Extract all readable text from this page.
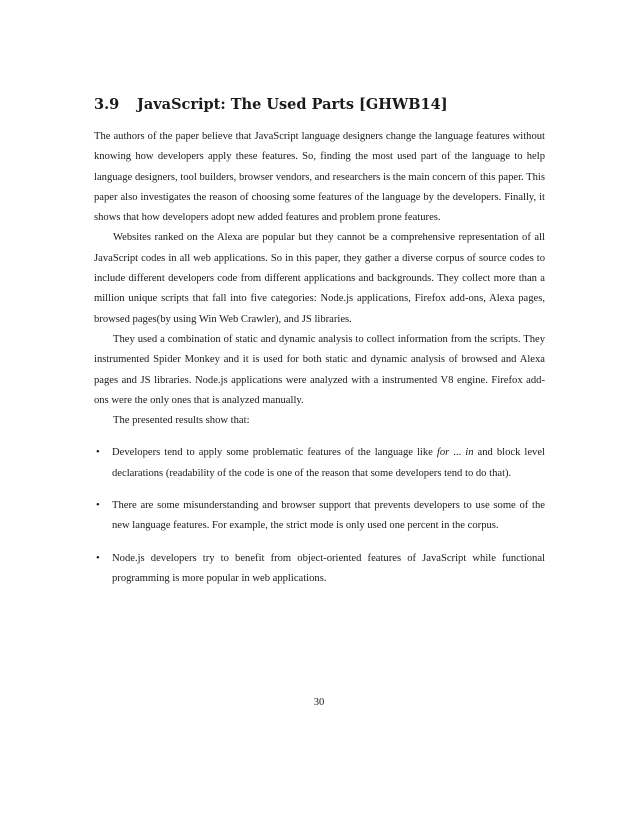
3.9 JavaScript: The Used Parts [GHWB14]

The authors of the paper believe that JavaScript language designers change the language features without knowing how developers apply these features. So, finding the most used part of the language to help language designers, tool builders, browser vendors, and researchers is the main concern of this paper. This paper also investigates the reason of choosing some features of the language by the developers. Finally, it shows that how developers adopt new added features and problem prone features.

Websites ranked on the Alexa are popular but they cannot be a comprehensive representation of all JavaScript codes in all web applications. So in this paper, they gather a diverse corpus of source codes to include different developers code from different applications and backgrounds. They collect more than a million unique scripts that fall into five categories: Node.js applications, Firefox add-ons, Alexa pages, browsed pages(by using Win Web Crawler), and JS libraries.

They used a combination of static and dynamic analysis to collect information from the scripts. They instrumented Spider Monkey and it is used for both static and dynamic analysis of browsed and Alexa pages and JS libraries. Node.js applications were analyzed with a instrumented V8 engine. Firefox add-ons were the only ones that is analyzed manually.

The presented results show that:

• Developers tend to apply some problematic features of the language like for ... in and block level declarations (readability of the code is one of the reason that some developers tend to do that).
• There are some misunderstanding and browser support that prevents developers to use some of the new language features. For example, the strict mode is only used one percent in the corpus.
• Node.js developers try to benefit from object-oriented features of JavaScript while functional programming is more popular in web applications.
30
